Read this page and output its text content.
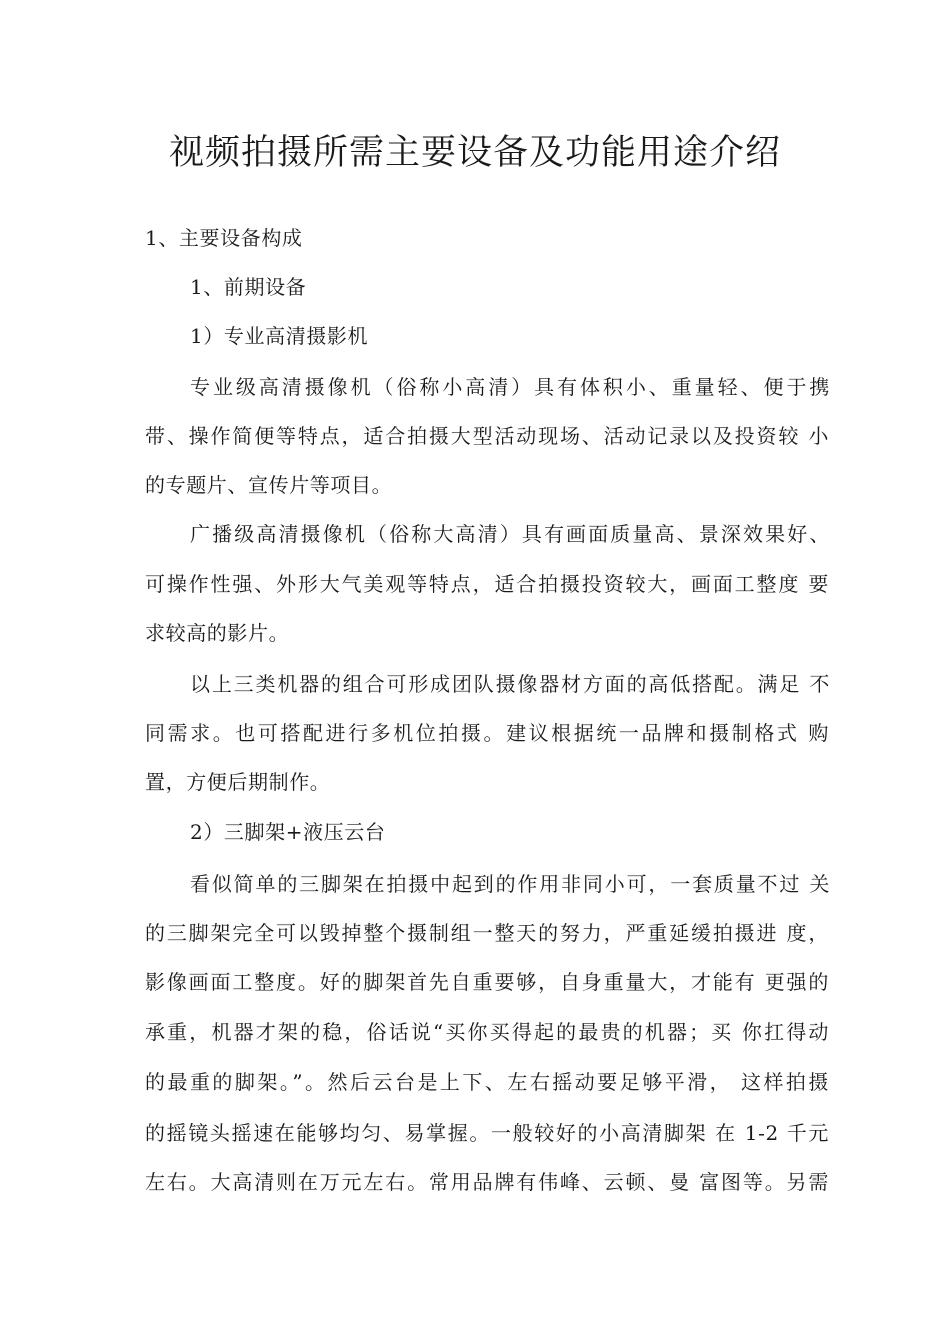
视频拍摄所需主要设备及功能用途介绍
1、主要设备构成
1、前期设备
1）专业高清摄影机
专业级高清摄像机（俗称小高清）具有体积小、重量轻、便于携
带、操作简便等特点，适合拍摄大型活动现场、活动记录以及投资较 小
的专题片、宣传片等项目。
广播级高清摄像机（俗称大高清）具有画面质量高、景深效果好、
可操作性强、外形大气美观等特点，适合拍摄投资较大，画面工整度 要
求较高的影片。
以上三类机器的组合可形成团队摄像器材方面的高低搭配。满足 不
同需求。也可搭配进行多机位拍摄。建议根据统一品牌和摄制格式 购
置，方便后期制作。
2）三脚架+液压云台
看似简单的三脚架在拍摄中起到的作用非同小可，一套质量不过 关
的三脚架完全可以毁掉整个摄制组一整天的努力，严重延缓拍摄进 度，
影像画面工整度。好的脚架首先自重要够，自身重量大，才能有 更强的
承重，机器才架的稳，俗话说“买你买得起的最贵的机器；买 你扛得动
的最重的脚架。”。然后云台是上下、左右摇动要足够平滑， 这样拍摄
的摇镜头摇速在能够均匀、易掌握。一般较好的小高清脚架 在 1-2 千元
左右。大高清则在万元左右。常用品牌有伟峰、云顿、曼 富图等。另需
